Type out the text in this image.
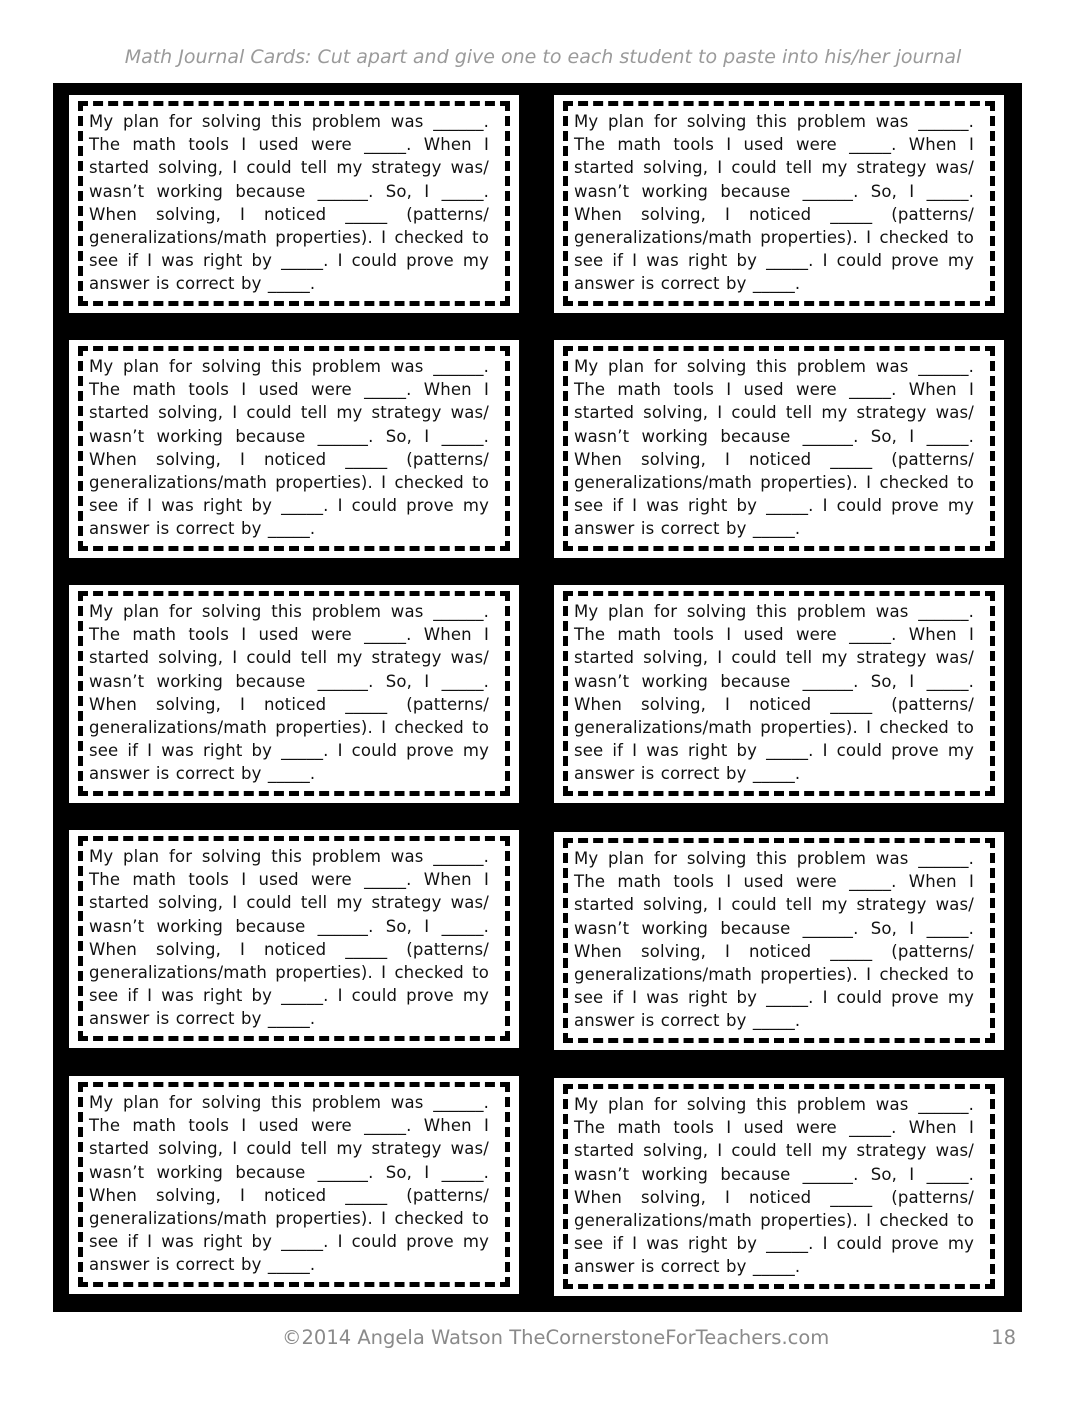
Math Journal Cards: Cut apart and give one to each student to paste into his/her journal
My plan for solving this problem was ______. The math tools I used were _____. When I started solving, I could tell my strategy was/ wasn’t working because ______. So, I _____. When solving, I noticed _____ (patterns/ generalizations/math properties). I checked to see if I was right by _____. I could prove my answer is correct by _____.
My plan for solving this problem was ______. The math tools I used were _____. When I started solving, I could tell my strategy was/ wasn’t working because ______. So, I _____. When solving, I noticed _____ (patterns/ generalizations/math properties). I checked to see if I was right by _____. I could prove my answer is correct by _____.
My plan for solving this problem was ______. The math tools I used were _____. When I started solving, I could tell my strategy was/ wasn’t working because ______. So, I _____. When solving, I noticed _____ (patterns/ generalizations/math properties). I checked to see if I was right by _____. I could prove my answer is correct by _____.
My plan for solving this problem was ______. The math tools I used were _____. When I started solving, I could tell my strategy was/ wasn’t working because ______. So, I _____. When solving, I noticed _____ (patterns/ generalizations/math properties). I checked to see if I was right by _____. I could prove my answer is correct by _____.
My plan for solving this problem was ______. The math tools I used were _____. When I started solving, I could tell my strategy was/ wasn’t working because ______. So, I _____. When solving, I noticed _____ (patterns/ generalizations/math properties). I checked to see if I was right by _____. I could prove my answer is correct by _____.
My plan for solving this problem was ______. The math tools I used were _____. When I started solving, I could tell my strategy was/ wasn’t working because ______. So, I _____. When solving, I noticed _____ (patterns/ generalizations/math properties). I checked to see if I was right by _____. I could prove my answer is correct by _____.
My plan for solving this problem was ______. The math tools I used were _____. When I started solving, I could tell my strategy was/ wasn’t working because ______. So, I _____. When solving, I noticed _____ (patterns/ generalizations/math properties). I checked to see if I was right by _____. I could prove my answer is correct by _____.
My plan for solving this problem was ______. The math tools I used were _____. When I started solving, I could tell my strategy was/ wasn’t working because ______. So, I _____. When solving, I noticed _____ (patterns/ generalizations/math properties). I checked to see if I was right by _____. I could prove my answer is correct by _____.
My plan for solving this problem was ______. The math tools I used were _____. When I started solving, I could tell my strategy was/ wasn’t working because ______. So, I _____. When solving, I noticed _____ (patterns/ generalizations/math properties). I checked to see if I was right by _____. I could prove my answer is correct by _____.
My plan for solving this problem was ______. The math tools I used were _____. When I started solving, I could tell my strategy was/ wasn’t working because ______. So, I _____. When solving, I noticed _____ (patterns/ generalizations/math properties). I checked to see if I was right by _____. I could prove my answer is correct by _____.
©2014 Angela Watson TheCornerstoneForTeachers.com	18
